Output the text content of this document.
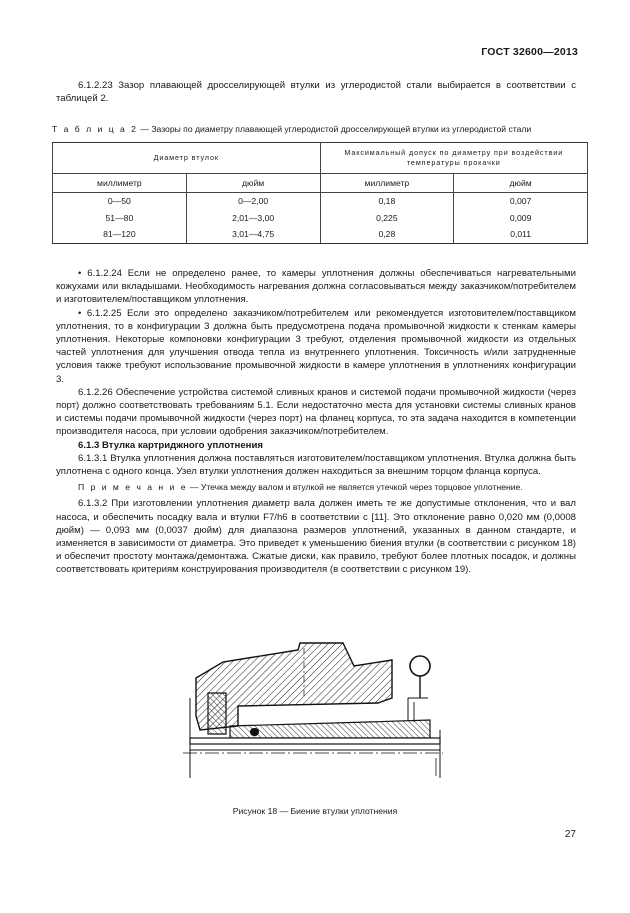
ГОСТ 32600—2013

6.1.2.23 Зазор плавающей дросселирующей втулки из углеродистой стали выбирается в соответствии с таблицей 2.

Т а б л и ц а 2 — Зазоры по диаметру плавающей углеродистой дросселирующей втулки из углеродистой стали
Диаметр втулок		Максимальный допуск по диаметру при воздействии температуры прокачки	
миллиметр	дюйм	миллиметр	дюйм
0—50	0—2,00	0,18	0,007
51—80	2,01—3,00	0,225	0,009
81—120	3,01—4,75	0,28	0,011

• 6.1.2.24 Если не определено ранее, то камеры уплотнения должны обеспечиваться нагревательными кожухами или вкладышами. Необходимость нагревания должна согласовываться между заказчиком/потребителем и изготовителем/поставщиком уплотнения.

• 6.1.2.25 Если это определено заказчиком/потребителем или рекомендуется изготовителем/поставщиком уплотнения, то в конфигурации 3 должна быть предусмотрена подача промывочной жидкости к стенкам камеры уплотнения. Некоторые компоновки конфигурации 3 требуют, отделения промывочной жидкости из отдельных частей уплотнения для улучшения отвода тепла из внутреннего уплотнения. Токсичность и/или затрудненные условия также требуют использование промывочной жидкости в камере уплотнения в уплотнениях конфигурации 3.

6.1.2.26 Обеспечение устройства системой сливных кранов и системой подачи промывочной жидкости (через порт) должно соответствовать требованиям 5.1. Если недостаточно места для установки системы сливных кранов и системы подачи промывочной жидкости (через порт) на фланец корпуса, то эта задача находится в компетенции производителя насоса, при условии одобрения заказчиком/потребителем.

6.1.3 Втулка картриджного уплотнения

6.1.3.1 Втулка уплотнения должна поставляться изготовителем/поставщиком уплотнения. Втулка должна быть уплотнена с одного конца. Узел втулки уплотнения должен находиться за внешним торцом фланца корпуса.

П р и м е ч а н и е — Утечка между валом и втулкой не является утечкой через торцовое уплотнение.

6.1.3.2 При изготовлении уплотнения диаметр вала должен иметь те же допустимые отклонения, что и вал насоса, и обеспечить посадку вала и втулки F7/h6 в соответствии с [11]. Это отклонение равно 0,020 мм (0,0008 дюйм) — 0,093 мм (0,0037 дюйм) для диапазона размеров уплотнений, указанных в данном стандарте, и изменяется в зависимости от диаметра. Это приведет к уменьшению биения втулки (в соответствии с рисунком 18) и обеспечит простоту монтажа/демонтажа. Сжатые диски, как правило, требуют более плотных посадок, и должны соответствовать критериям конструирования производителя (в соответствии с рисунком 19).

Рисунок 18 — Биение втулки уплотнения
27
